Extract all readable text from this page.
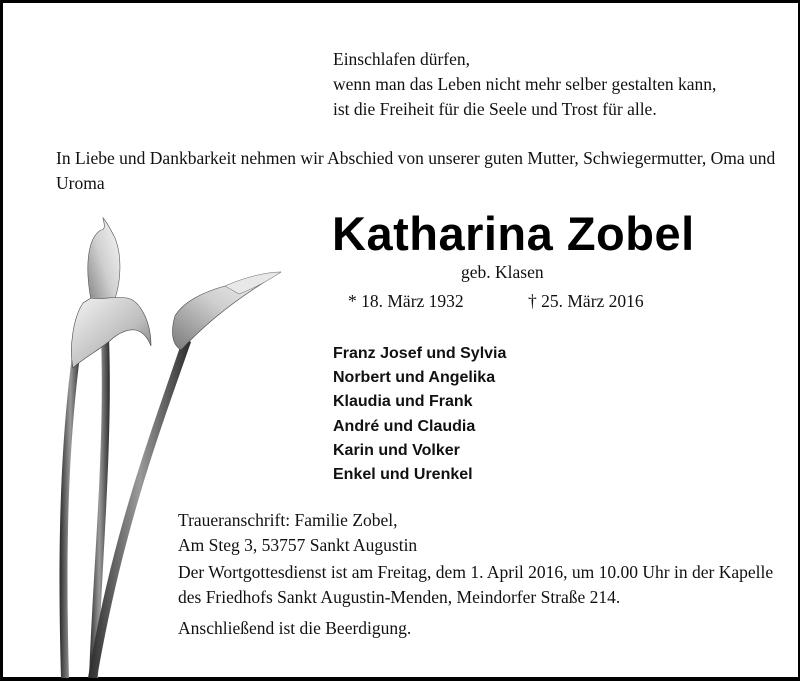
Einschlafen dürfen,
wenn man das Leben nicht mehr selber gestalten kann,
ist die Freiheit für die Seele und Trost für alle.
In Liebe und Dankbarkeit nehmen wir Abschied von unserer guten Mutter, Schwiegermutter, Oma und Uroma
Katharina Zobel
geb. Klasen
* 18. März 1932	† 25. März 2016
Franz Josef und Sylvia
Norbert und Angelika
Klaudia und Frank
André und Claudia
Karin und Volker
Enkel und Urenkel
Traueranschrift: Familie Zobel,
Am Steg 3, 53757 Sankt Augustin
Der Wortgottesdienst ist am Freitag, dem 1. April 2016, um 10.00 Uhr in der Kapelle des Friedhofs Sankt Augustin-Menden, Meindorfer Straße 214.
Anschließend ist die Beerdigung.
